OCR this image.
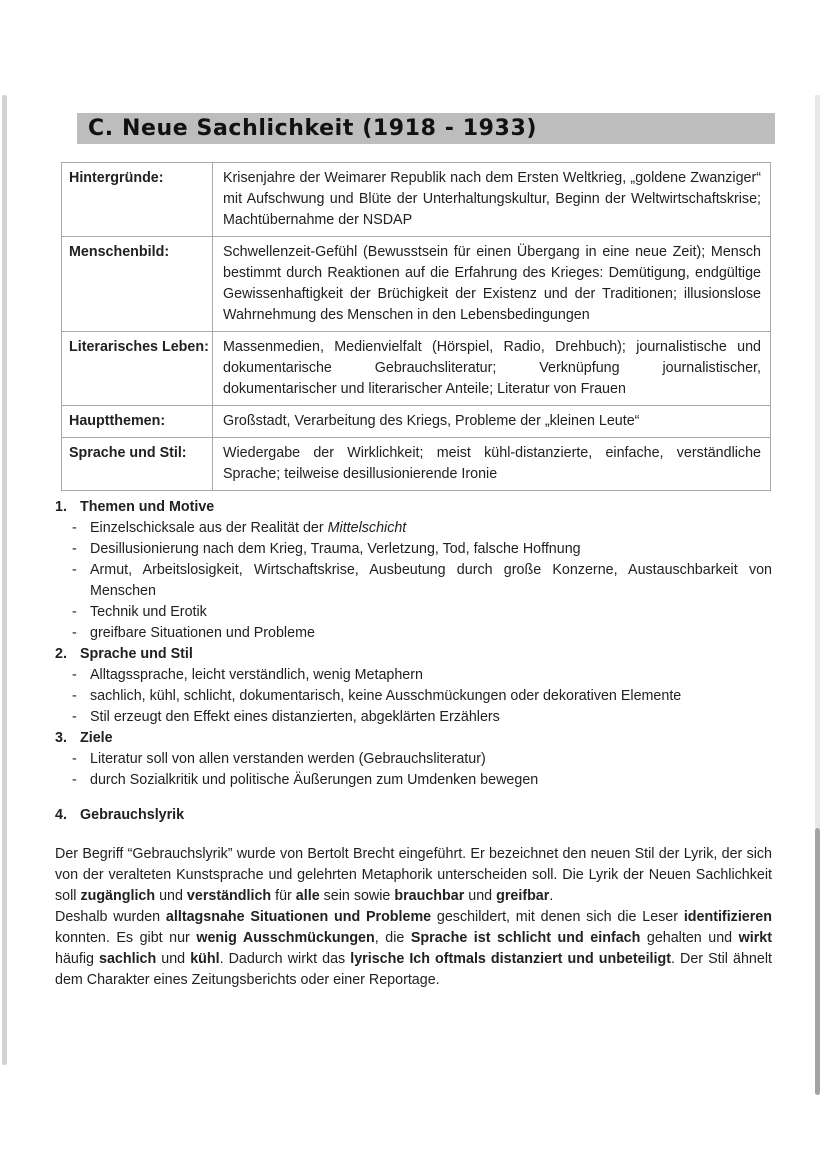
C. Neue Sachlichkeit (1918 - 1933)
Hintergründe:	Krisenjahre der Weimarer Republik nach dem Ersten Weltkrieg, „goldene Zwanziger“ mit Aufschwung und Blüte der Unterhaltungskultur, Beginn der Weltwirtschaftskrise; Machtübernahme der NSDAP
Menschenbild:	Schwellenzeit-Gefühl (Bewusstsein für einen Übergang in eine neue Zeit); Mensch bestimmt durch Reaktionen auf die Erfahrung des Krieges: Demütigung, endgültige Gewissenhaftigkeit der Brüchigkeit der Existenz und der Traditionen; illusionslose Wahrnehmung des Menschen in den Lebensbedingungen
Literarisches Leben:	Massenmedien, Medienvielfalt (Hörspiel, Radio, Drehbuch); journalistische und dokumentarische Gebrauchsliteratur; Verknüpfung journalistischer, dokumentarischer und literarischer Anteile; Literatur von Frauen
Hauptthemen:	Großstadt, Verarbeitung des Kriegs, Probleme der „kleinen Leute“
Sprache und Stil:	Wiedergabe der Wirklichkeit; meist kühl-distanzierte, einfache, verständliche Sprache; teilweise desillusionierende Ironie

1. Themen und Motive
- Einzelschicksale aus der Realität der Mittelschicht
- Desillusionierung nach dem Krieg, Trauma, Verletzung, Tod, falsche Hoffnung
- Armut, Arbeitslosigkeit, Wirtschaftskrise, Ausbeutung durch große Konzerne, Austauschbarkeit von Menschen
- Technik und Erotik
- greifbare Situationen und Probleme
2. Sprache und Stil
- Alltagssprache, leicht verständlich, wenig Metaphern
- sachlich, kühl, schlicht, dokumentarisch, keine Ausschmückungen oder dekorativen Elemente
- Stil erzeugt den Effekt eines distanzierten, abgeklärten Erzählers
3. Ziele
- Literatur soll von allen verstanden werden (Gebrauchsliteratur)
- durch Sozialkritik und politische Äußerungen zum Umdenken bewegen
4. Gebrauchslyrik

Der Begriff “Gebrauchslyrik” wurde von Bertolt Brecht eingeführt. Er bezeichnet den neuen Stil der Lyrik, der sich von der veralteten Kunstsprache und gelehrten Metaphorik unterscheiden soll. Die Lyrik der Neuen Sachlichkeit soll zugänglich und verständlich für alle sein sowie brauchbar und greifbar.

Deshalb wurden alltagsnahe Situationen und Probleme geschildert, mit denen sich die Leser identifizieren konnten. Es gibt nur wenig Ausschmückungen, die Sprache ist schlicht und einfach gehalten und wirkt häufig sachlich und kühl. Dadurch wirkt das lyrische Ich oftmals distanziert und unbeteiligt. Der Stil ähnelt dem Charakter eines Zeitungsberichts oder einer Reportage.
